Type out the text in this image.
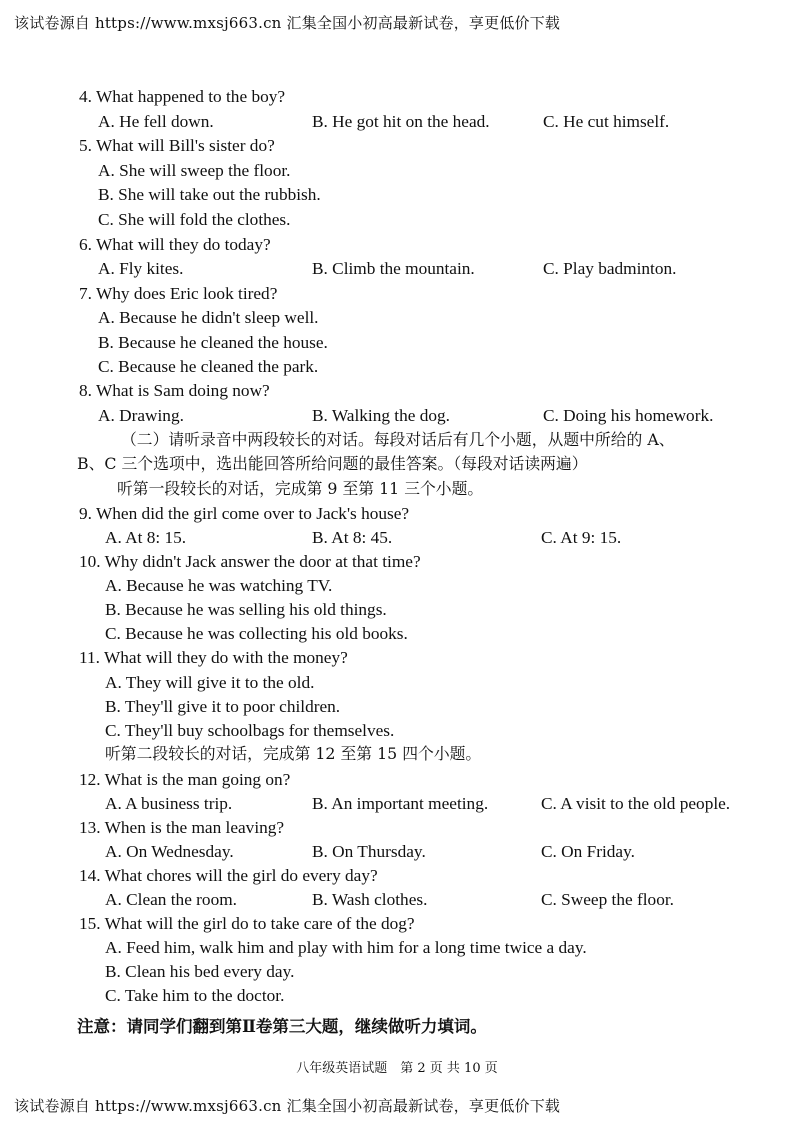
该试卷源自 https://www.mxsj663.cn 汇集全国小初高最新试卷，享更低价下载
4. What happened to the boy?
A. He fell down.	B. He got hit on the head.	C. He cut himself.
5. What will Bill's sister do?
A. She will sweep the floor.
B. She will take out the rubbish.
C. She will fold the clothes.
6. What will they do today?
A. Fly kites.	B. Climb the mountain.	C. Play badminton.
7. Why does Eric look tired?
A. Because he didn't sleep well.
B. Because he cleaned the house.
C. Because he cleaned the park.
8. What is Sam doing now?
A. Drawing.	B. Walking the dog.	C. Doing his homework.
（二）请听录音中两段较长的对话。每段对话后有几个小题，从题中所给的 A、
B、C 三个选项中，选出能回答所给问题的最佳答案。（每段对话读两遍）
听第一段较长的对话，完成第 9 至第 11 三个小题。
9. When did the girl come over to Jack's house?
A. At 8: 15.	B. At 8: 45.	C. At 9: 15.
10. Why didn't Jack answer the door at that time?
A. Because he was watching TV.
B. Because he was selling his old things.
C. Because he was collecting his old books.
11. What will they do with the money?
A. They will give it to the old.
B. They'll give it to poor children.
C. They'll buy schoolbags for themselves.
听第二段较长的对话，完成第 12 至第 15 四个小题。
12. What is the man going on?
A. A business trip.	B. An important meeting.	C. A visit to the old people.
13. When is the man leaving?
A. On Wednesday.	B. On Thursday.	C. On Friday.
14. What chores will the girl do every day?
A. Clean the room.	B. Wash clothes.	C. Sweep the floor.
15. What will the girl do to take care of the dog?
A. Feed him, walk him and play with him for a long time twice a day.
B. Clean his bed every day.
C. Take him to the doctor.
注意：请同学们翻到第Ⅱ卷第三大题，继续做听力填词。
八年级英语试题　第 2 页 共 10 页
该试卷源自 https://www.mxsj663.cn 汇集全国小初高最新试卷，享更低价下载
